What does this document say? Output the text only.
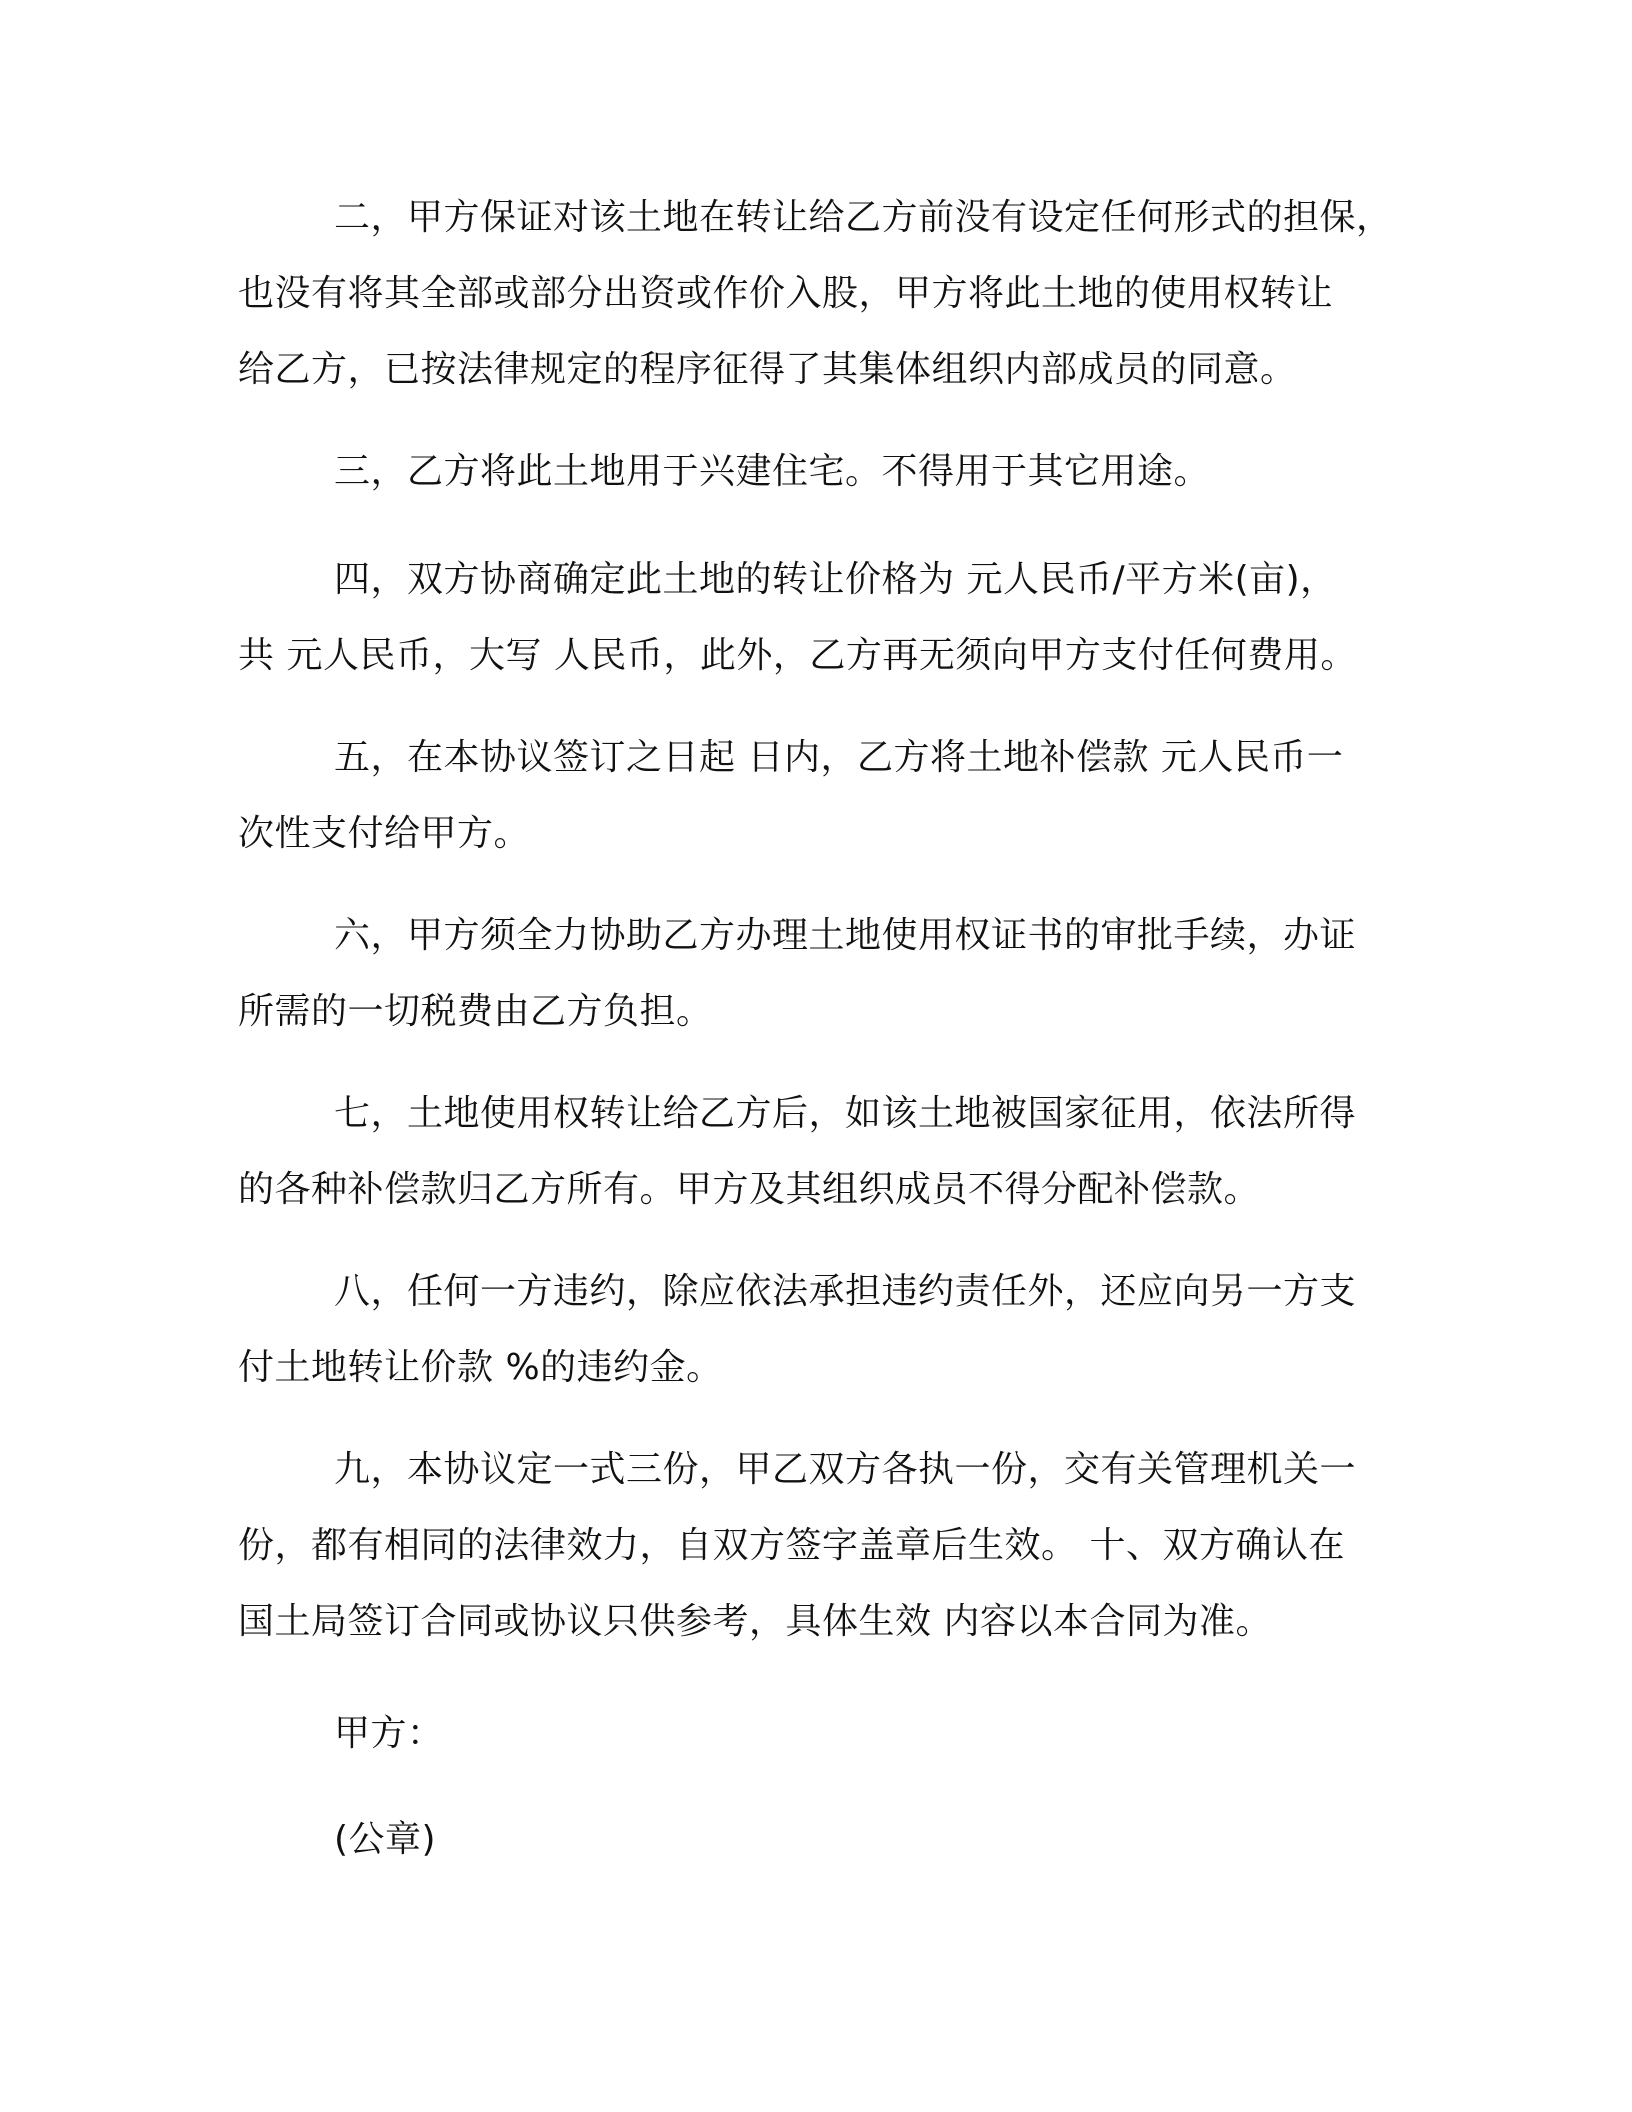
二，甲方保证对该土地在转让给乙方前没有设定任何形式的担保，
也没有将其全部或部分出资或作价入股，甲方将此土地的使用权转让
给乙方，已按法律规定的程序征得了其集体组织内部成员的同意。
三，乙方将此土地用于兴建住宅。不得用于其它用途。
四，双方协商确定此土地的转让价格为 元人民币/平方米(亩)，
共 元人民币，大写 人民币，此外，乙方再无须向甲方支付任何费用。
五，在本协议签订之日起 日内，乙方将土地补偿款 元人民币一
次性支付给甲方。
六，甲方须全力协助乙方办理土地使用权证书的审批手续，办证
所需的一切税费由乙方负担。
七，土地使用权转让给乙方后，如该土地被国家征用，依法所得
的各种补偿款归乙方所有。甲方及其组织成员不得分配补偿款。
八，任何一方违约，除应依法承担违约责任外，还应向另一方支
付土地转让价款 %的违约金。
九，本协议定一式三份，甲乙双方各执一份，交有关管理机关一
份，都有相同的法律效力，自双方签字盖章后生效。 十、双方确认在
国土局签订合同或协议只供参考，具体生效 内容以本合同为准。
甲方：
(公章)
